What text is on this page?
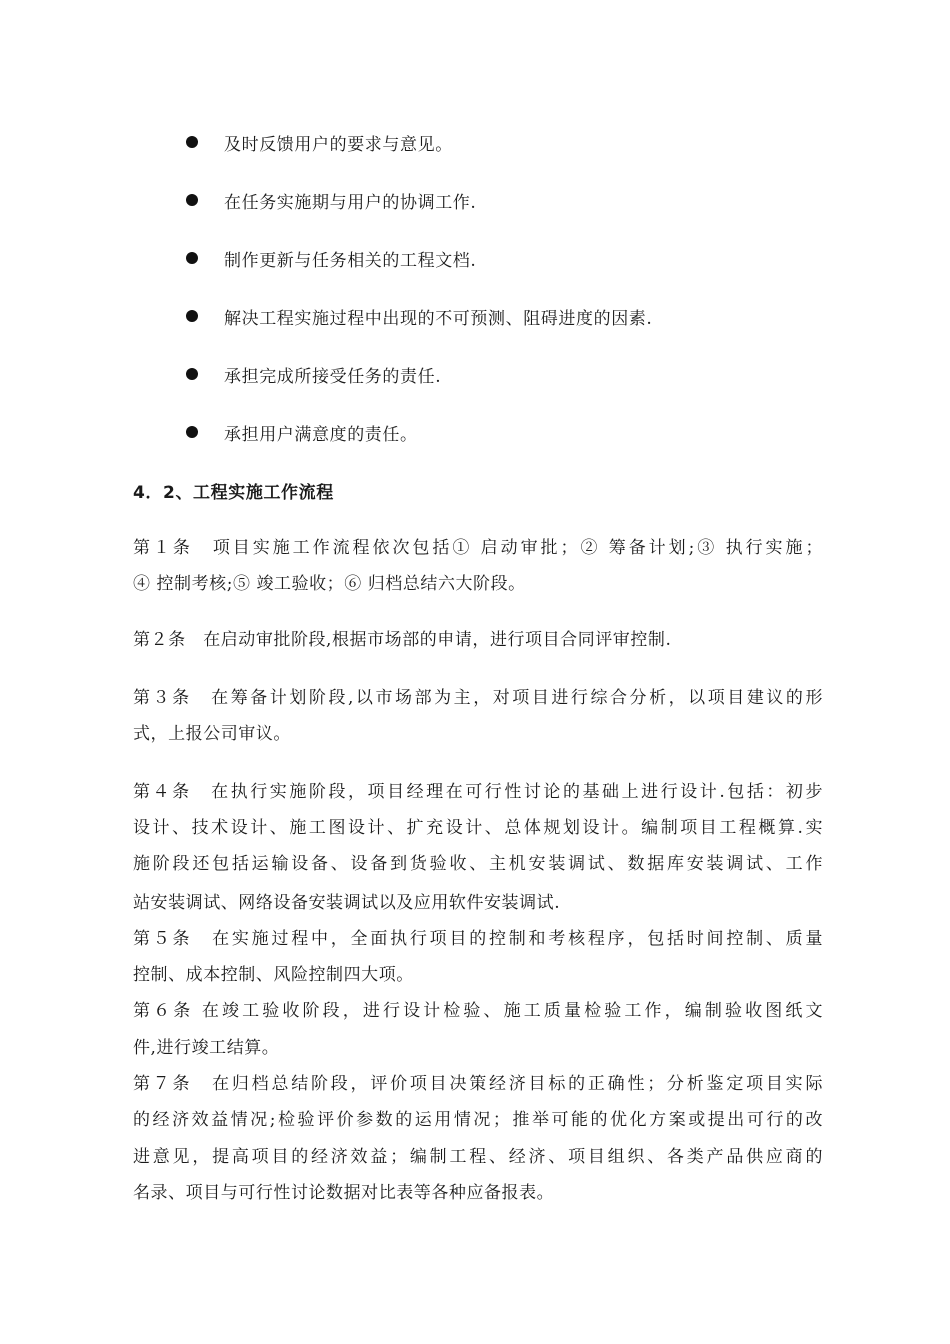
及时反馈用户的要求与意见。
在任务实施期与用户的协调工作.
制作更新与任务相关的工程文档.
解决工程实施过程中出现的不可预测、阻碍进度的因素.
承担完成所接受任务的责任.
承担用户满意度的责任。
4．2、工程实施工作流程
第１条　项目实施工作流程依次包括① 启动审批；② 筹备计划;③ 执行实施；
④ 控制考核;⑤ 竣工验收；⑥ 归档总结六大阶段。
第２条　在启动审批阶段,根据市场部的申请，进行项目合同评审控制.
第３条　在筹备计划阶段,以市场部为主，对项目进行综合分析，以项目建议的形
式，上报公司审议。
第４条　在执行实施阶段，项目经理在可行性讨论的基础上进行设计.包括：初步
设计、技术设计、施工图设计、扩充设计、总体规划设计。编制项目工程概算.实
施阶段还包括运输设备、设备到货验收、主机安装调试、数据库安装调试、工作
站安装调试、网络设备安装调试以及应用软件安装调试.
第５条　在实施过程中，全面执行项目的控制和考核程序，包括时间控制、质量
控制、成本控制、风险控制四大项。
第６条 在竣工验收阶段，进行设计检验、施工质量检验工作，编制验收图纸文
件,进行竣工结算。
第７条　在归档总结阶段，评价项目决策经济目标的正确性；分析鉴定项目实际
的经济效益情况;检验评价参数的运用情况；推举可能的优化方案或提出可行的改
进意见，提高项目的经济效益；编制工程、经济、项目组织、各类产品供应商的
名录、项目与可行性讨论数据对比表等各种应备报表。
